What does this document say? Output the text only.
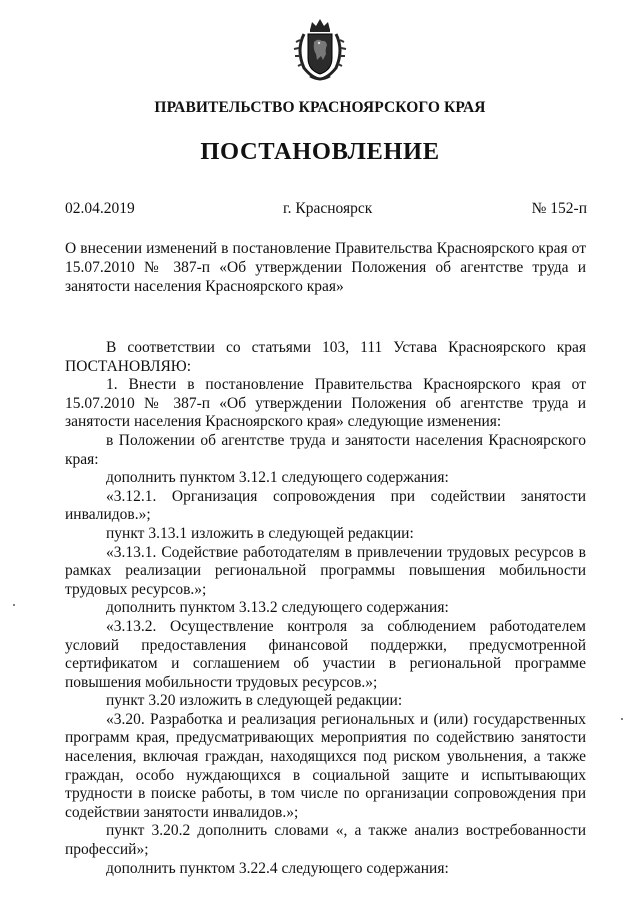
ПРАВИТЕЛЬСТВО КРАСНОЯРСКОГО КРАЯ
ПОСТАНОВЛЕНИЕ
02.04.2019	г. Красноярск	№ 152-п
О внесении изменений в постановление Правительства Красноярского края от 15.07.2010 № 387-п «Об утверждении Положения об агентстве труда и занятости населения Красноярского края»

В соответствии со статьями 103, 111 Устава Красноярского края ПОСТАНОВЛЯЮ:

1. Внести в постановление Правительства Красноярского края от 15.07.2010 № 387-п «Об утверждении Положения об агентстве труда и занятости населения Красноярского края» следующие изменения:

в Положении об агентстве труда и занятости населения Красноярского края:

дополнить пунктом 3.12.1 следующего содержания:

«3.12.1. Организация сопровождения при содействии занятости инвалидов.»;

пункт 3.13.1 изложить в следующей редакции:

«3.13.1. Содействие работодателям в привлечении трудовых ресурсов в рамках реализации региональной программы повышения мобильности трудовых ресурсов.»;

дополнить пунктом 3.13.2 следующего содержания:

«3.13.2. Осуществление контроля за соблюдением работодателем условий предоставления финансовой поддержки, предусмотренной сертификатом и соглашением об участии в региональной программе повышения мобильности трудовых ресурсов.»;

пункт 3.20 изложить в следующей редакции:

«3.20. Разработка и реализация региональных и (или) государственных программ края, предусматривающих мероприятия по содействию занятости населения, включая граждан, находящихся под риском увольнения, а также граждан, особо нуждающихся в социальной защите и испытывающих трудности в поиске работы, в том числе по организации сопровождения при содействии занятости инвалидов.»;

пункт 3.20.2 дополнить словами «, а также анализ востребованности профессий»;

дополнить пунктом 3.22.4 следующего содержания:
